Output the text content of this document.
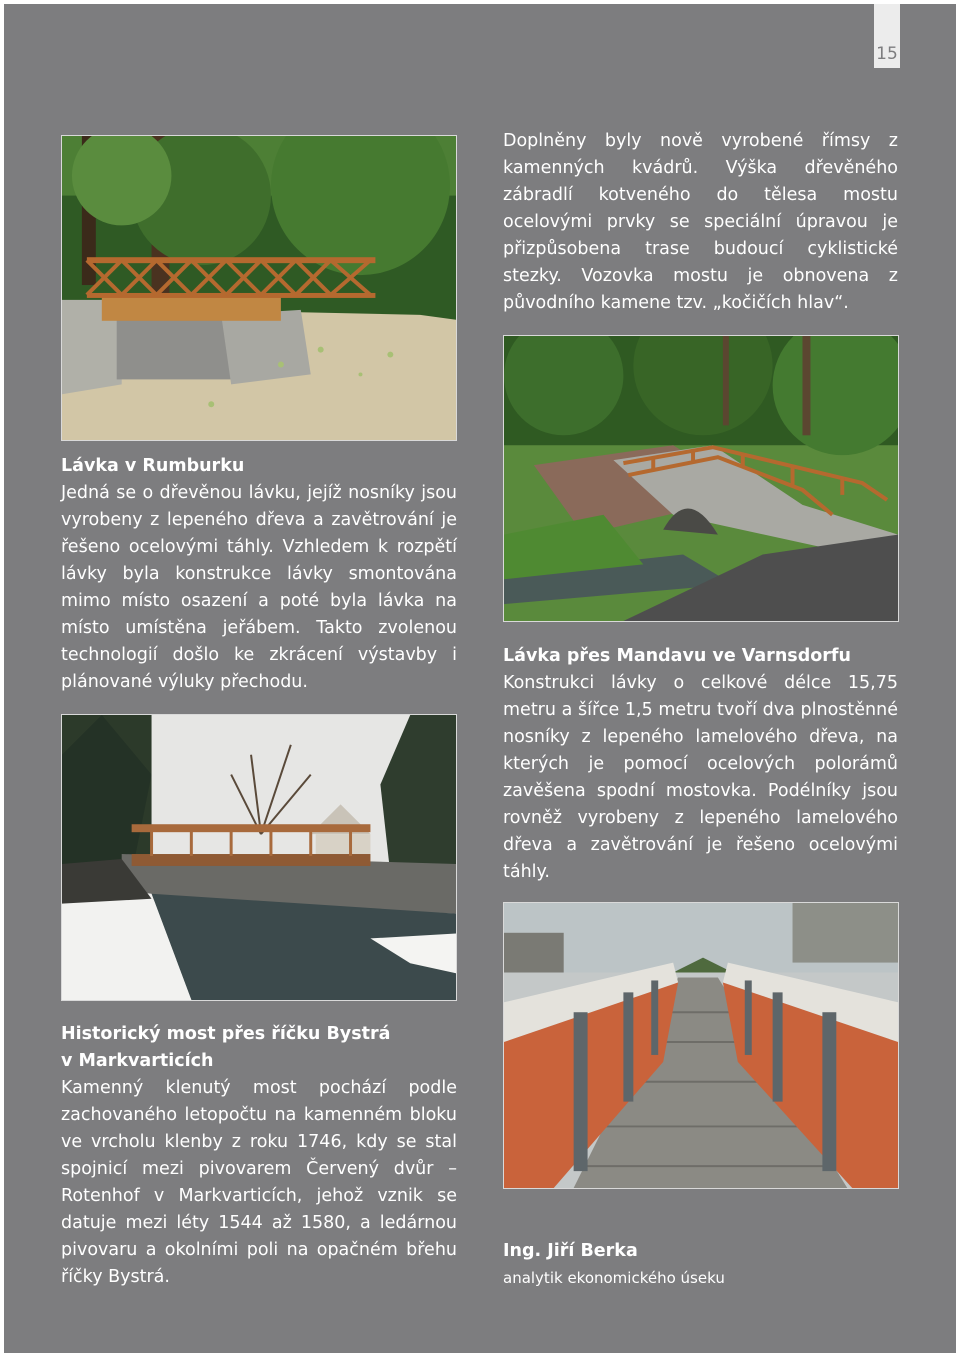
15

Doplněny byly nově vyrobené římsy z kamenných kvádrů. Výška dřevěného zábradlí kotveného do tělesa mostu ocelovými prvky se speciální úpravou je přizpůsobena trase budoucí cyklistické stezky. Vozovka mostu je obnovena z původního kamene tzv. „kočičích hlav“.

Lávka v Rumburku

Jedná se o dřevěnou lávku, jejíž nosníky jsou vyrobeny z lepeného dřeva a zavětrování je řešeno ocelovými táhly. Vzhledem k rozpětí lávky byla konstrukce lávky smontována mimo místo osazení a poté byla lávka na místo umístěna jeřábem. Takto zvolenou technologií došlo ke zkrácení výstavby i plánované výluky přechodu.

Lávka přes Mandavu ve Varnsdorfu

Konstrukci lávky o celkové délce 15,75 metru a šířce 1,5 metru tvoří dva plnostěnné nosníky z lepeného lamelového dřeva, na kterých je pomocí ocelových polorámů zavěšena spodní mostovka. Podélníky jsou rovněž vyrobeny z lepeného lamelového dřeva a zavětrování je řešeno ocelovými táhly.

Historický most přes říčku Bystrá
v Markvarticích

Kamenný klenutý most pochází podle zachovaného letopočtu na kamenném bloku ve vrcholu klenby z roku 1746, kdy se stal spojnicí mezi pivovarem Červený dvůr – Rotenhof v Markvarticích, jehož vznik se datuje mezi léty 1544 až 1580, a ledárnou pivovaru a okolními poli na opačném břehu říčky Bystrá.

Ing. Jiří Berka
analytik ekonomického úseku
